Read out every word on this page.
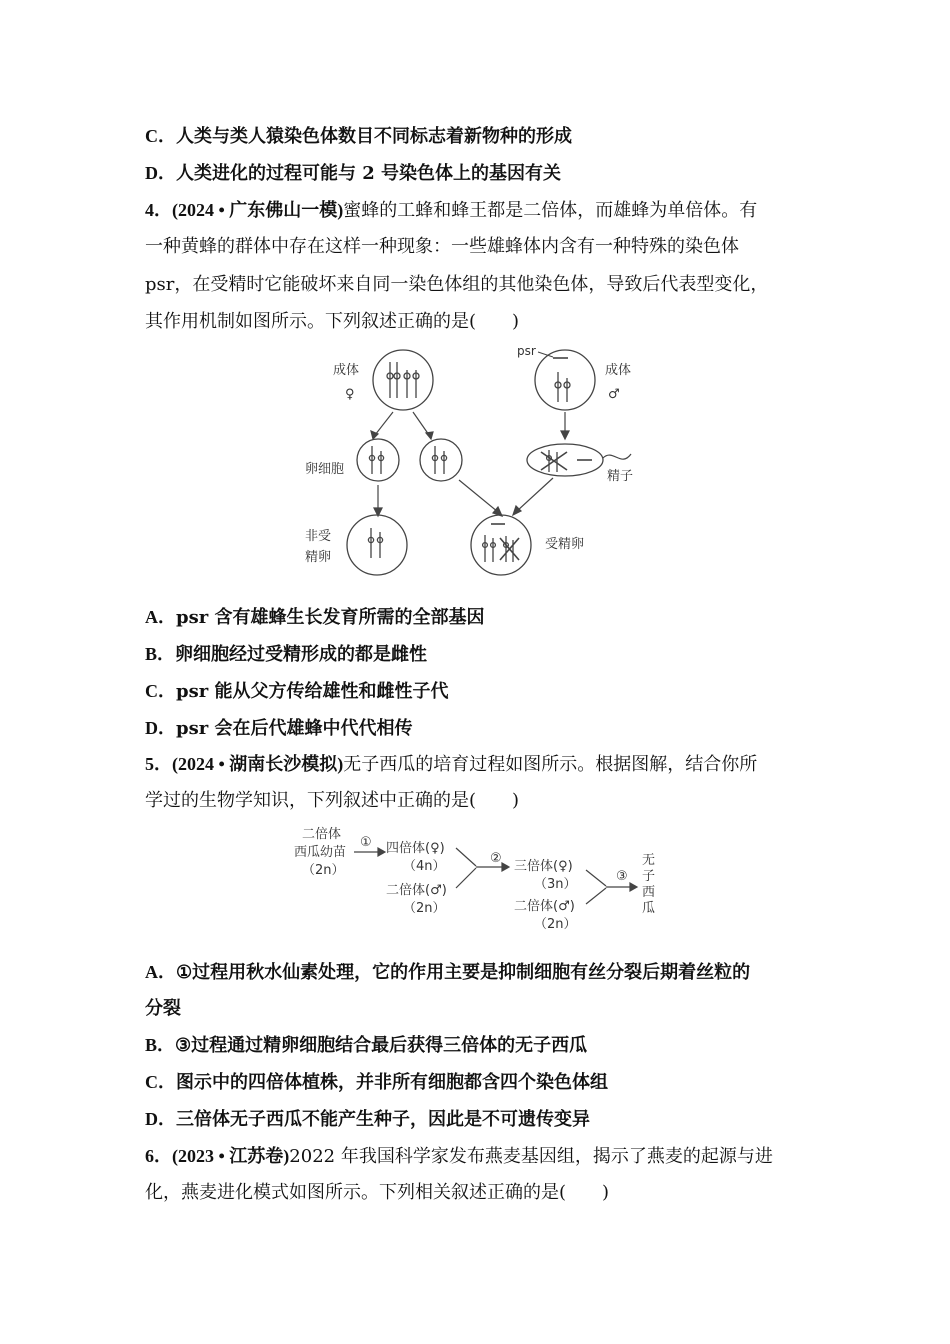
C．人类与类人猿染色体数目不同标志着新物种的形成
D．人类进化的过程可能与 2 号染色体上的基因有关
4．(2024 • 广东佛山一模)蜜蜂的工蜂和蜂王都是二倍体，而雄蜂为单倍体。有
一种黄蜂的群体中存在这样一种现象：一些雄蜂体内含有一种特殊的染色体
psr，在受精时它能破坏来自同一染色体组的其他染色体，导致后代表型变化，
其作用机制如图所示。下列叙述正确的是(　　)
成体
♀
psr
成体
♂
卵细胞	精子
非受
精卵
受精卵
A．psr 含有雄蜂生长发育所需的全部基因
B．卵细胞经过受精形成的都是雌性
C．psr 能从父方传给雄性和雌性子代
D．psr 会在后代雄蜂中代代相传
5．(2024 • 湖南长沙模拟)无子西瓜的培育过程如图所示。根据图解，结合你所
学过的生物学知识，下列叙述中正确的是(　　)
二倍体
西瓜幼苗
（2n）
① 四倍体(♀)
（4n）
二倍体(♂)
（2n）
②
三倍体(♀)
（3n）
二倍体(♂)
（2n）
③
无
子
西
瓜
A．①过程用秋水仙素处理，它的作用主要是抑制细胞有丝分裂后期着丝粒的
分裂
B．③过程通过精卵细胞结合最后获得三倍体的无子西瓜
C．图示中的四倍体植株，并非所有细胞都含四个染色体组
D．三倍体无子西瓜不能产生种子，因此是不可遗传变异
6．(2023 • 江苏卷)2022 年我国科学家发布燕麦基因组，揭示了燕麦的起源与进
化，燕麦进化模式如图所示。下列相关叙述正确的是(　　)
